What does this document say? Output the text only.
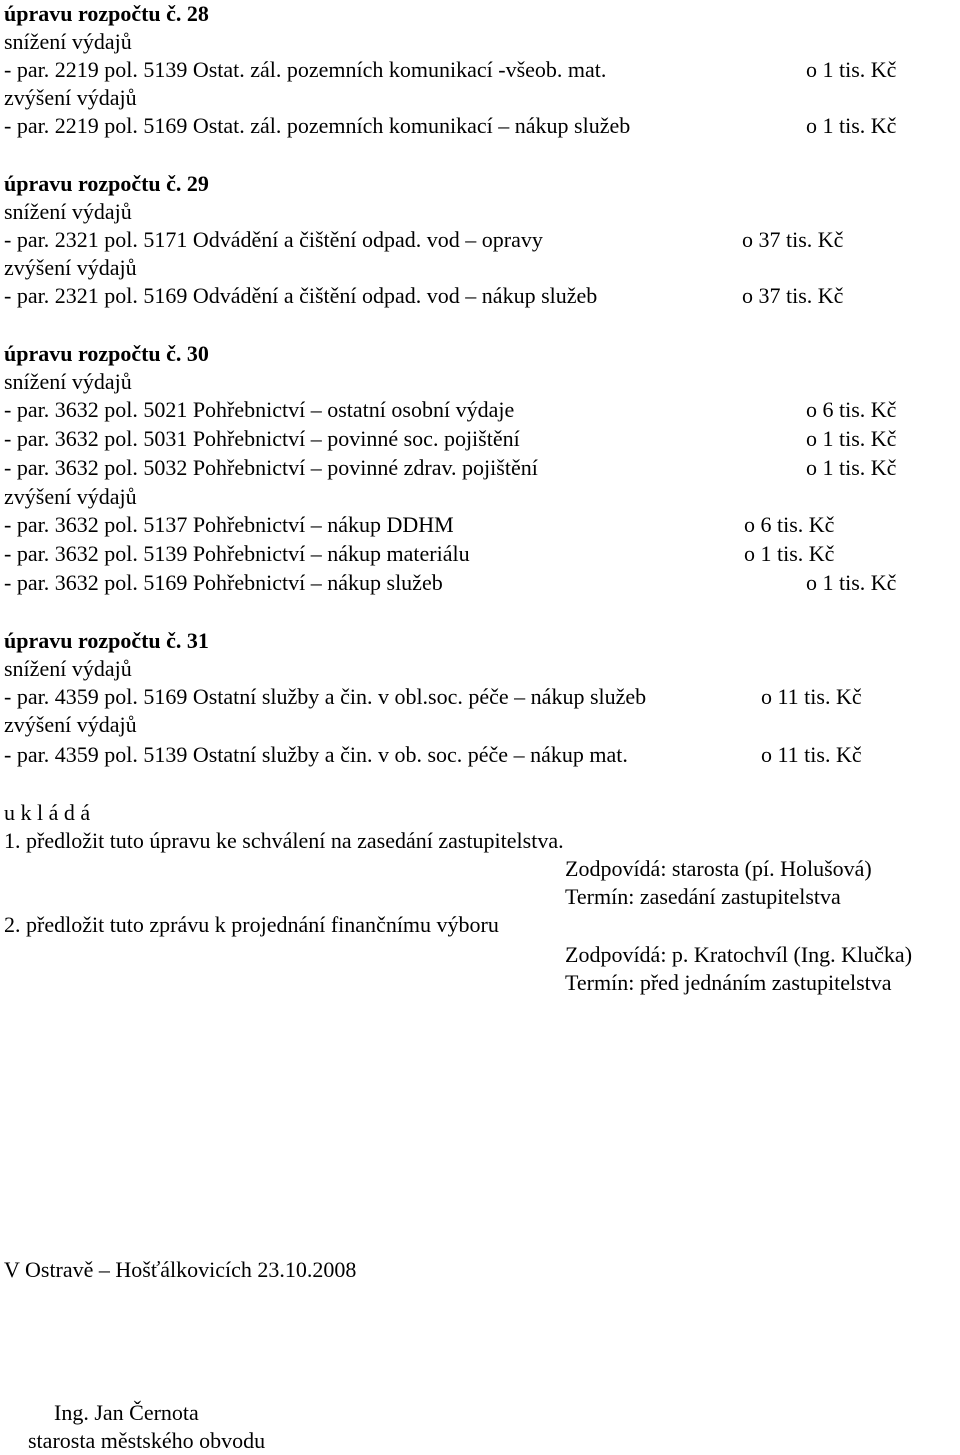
úpravu rozpočtu č. 28
snížení výdajů
- par. 2219 pol. 5139 Ostat. zál. pozemních komunikací -všeob. mat.	o 1 tis. Kč
zvýšení výdajů
- par. 2219 pol. 5169 Ostat. zál. pozemních komunikací – nákup služeb	o 1 tis. Kč
úpravu rozpočtu č. 29
snížení výdajů
- par. 2321 pol. 5171 Odvádění a čištění odpad. vod – opravy	o 37 tis. Kč
zvýšení výdajů
- par. 2321 pol. 5169 Odvádění a čištění odpad. vod – nákup služeb	o 37 tis. Kč
úpravu rozpočtu č. 30
snížení výdajů
- par. 3632 pol. 5021 Pohřebnictví – ostatní osobní výdaje	o 6 tis. Kč
- par. 3632 pol. 5031 Pohřebnictví – povinné soc. pojištění	o 1 tis. Kč
- par. 3632 pol. 5032 Pohřebnictví – povinné zdrav. pojištění	o 1 tis. Kč
zvýšení výdajů
- par. 3632 pol. 5137 Pohřebnictví – nákup DDHM	o 6 tis. Kč
- par. 3632 pol. 5139 Pohřebnictví – nákup materiálu	o 1 tis. Kč
- par. 3632 pol. 5169 Pohřebnictví – nákup služeb	o 1 tis. Kč
úpravu rozpočtu č. 31
snížení výdajů
- par. 4359 pol. 5169 Ostatní služby a čin. v obl.soc. péče – nákup služeb	o 11 tis. Kč
zvýšení výdajů
- par. 4359 pol. 5139 Ostatní služby a čin. v ob. soc. péče – nákup mat.	o 11 tis. Kč
u k l á d á
1. předložit tuto úpravu ke schválení na zasedání zastupitelstva.
Zodpovídá: starosta (pí. Holušová)
Termín: zasedání zastupitelstva
2. předložit tuto zprávu k projednání finančnímu výboru
Zodpovídá: p. Kratochvíl (Ing. Klučka)
Termín: před jednáním zastupitelstva
V Ostravě – Hošťálkovicích 23.10.2008
Ing. Jan Černota
starosta městského obvodu
